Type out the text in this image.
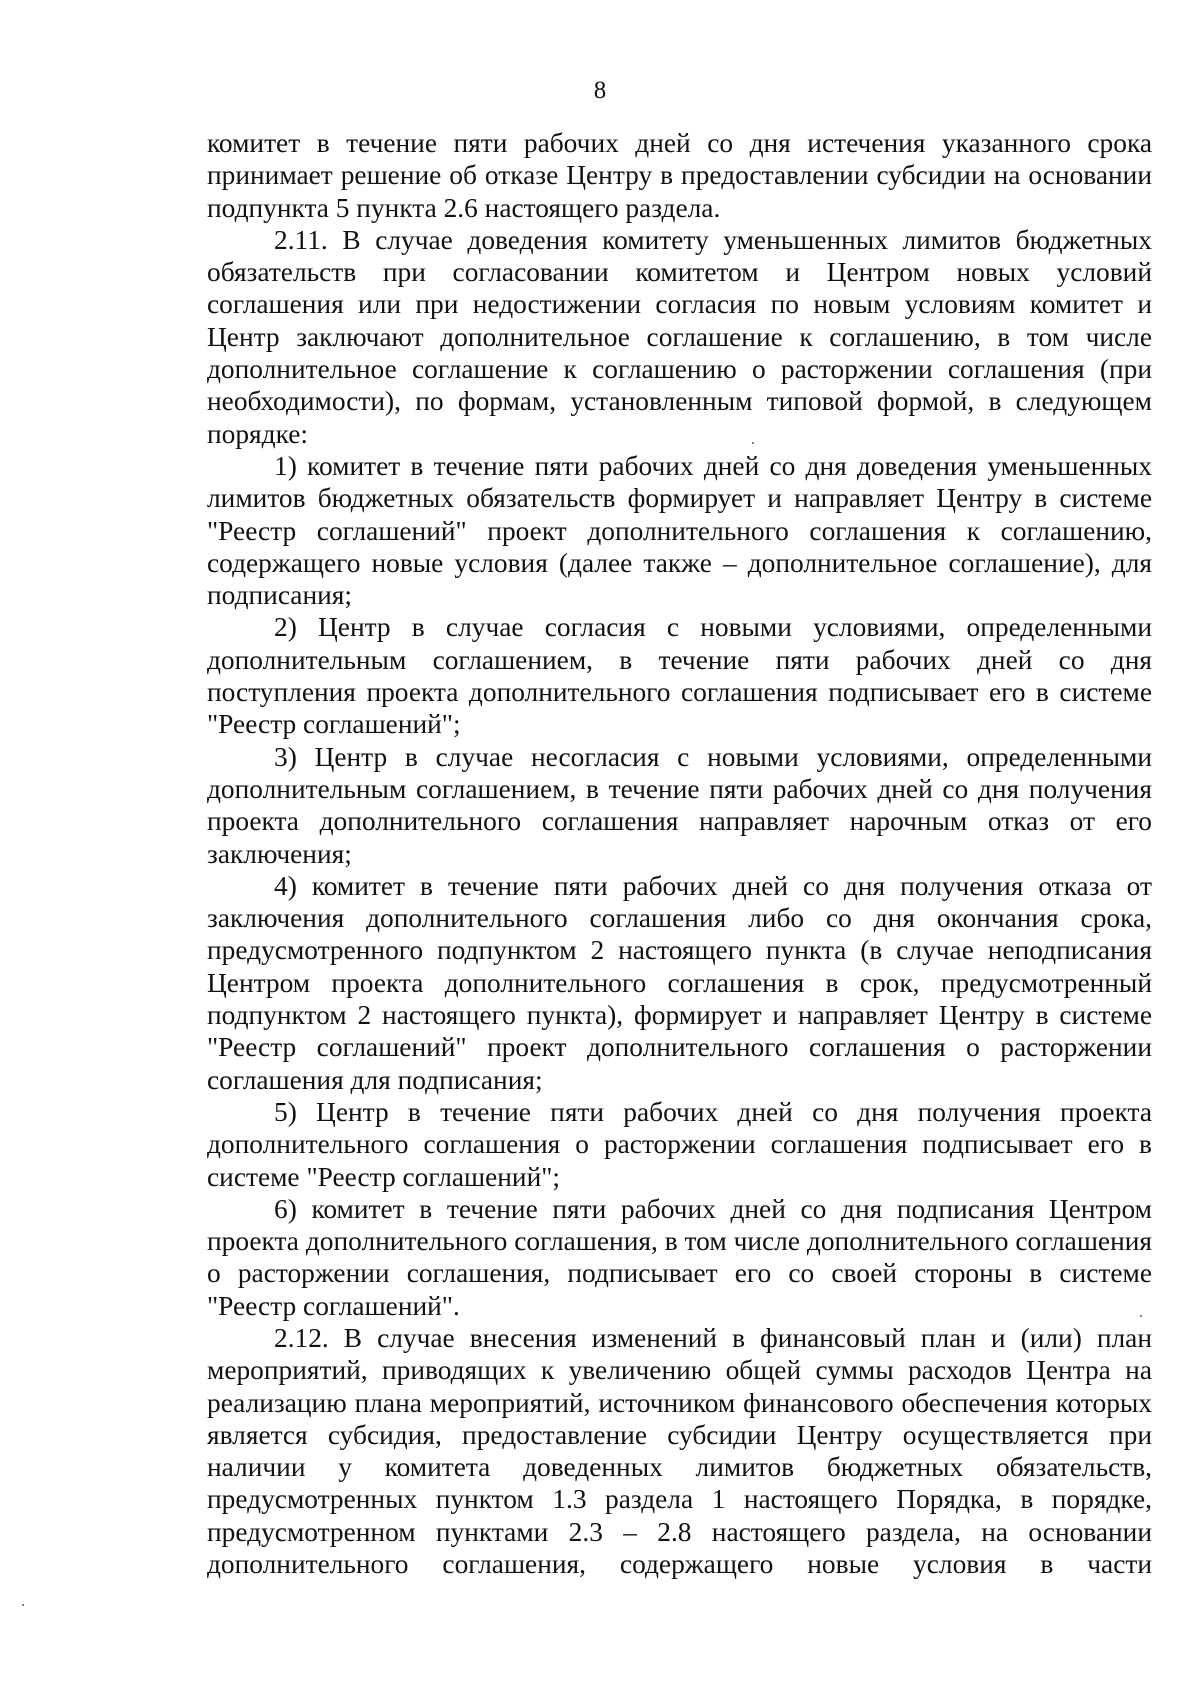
8

комитет в течение пяти рабочих дней со дня истечения указанного срока принимает решение об отказе Центру в предоставлении субсидии на основании подпункта 5 пункта 2.6 настоящего раздела.

2.11. В случае доведения комитету уменьшенных лимитов бюджетных обязательств при согласовании комитетом и Центром новых условий соглашения или при недостижении согласия по новым условиям комитет и Центр заключают дополнительное соглашение к соглашению, в том числе дополнительное соглашение к соглашению о расторжении соглашения (при необходимости), по формам, установленным типовой формой, в следующем порядке:

1) комитет в течение пяти рабочих дней со дня доведения уменьшенных лимитов бюджетных обязательств формирует и направляет Центру в системе "Реестр соглашений" проект дополнительного соглашения к соглашению, содержащего новые условия (далее также – дополнительное соглашение), для подписания;

2) Центр в случае согласия с новыми условиями, определенными дополнительным соглашением, в течение пяти рабочих дней со дня поступления проекта дополнительного соглашения подписывает его в системе "Реестр соглашений";

3) Центр в случае несогласия с новыми условиями, определенными дополнительным соглашением, в течение пяти рабочих дней со дня получения проекта дополнительного соглашения направляет нарочным отказ от его заключения;

4) комитет в течение пяти рабочих дней со дня получения отказа от заключения дополнительного соглашения либо со дня окончания срока, предусмотренного подпунктом 2 настоящего пункта (в случае неподписания Центром проекта дополнительного соглашения в срок, предусмотренный подпунктом 2 настоящего пункта), формирует и направляет Центру в системе "Реестр соглашений" проект дополнительного соглашения о расторжении соглашения для подписания;

5) Центр в течение пяти рабочих дней со дня получения проекта дополнительного соглашения о расторжении соглашения подписывает его в системе "Реестр соглашений";

6) комитет в течение пяти рабочих дней со дня подписания Центром проекта дополнительного соглашения, в том числе дополнительного соглашения о расторжении соглашения, подписывает его со своей стороны в системе "Реестр соглашений".

2.12. В случае внесения изменений в финансовый план и (или) план мероприятий, приводящих к увеличению общей суммы расходов Центра на реализацию плана мероприятий, источником финансового обеспечения которых является субсидия, предоставление субсидии Центру осуществляется при наличии у комитета доведенных лимитов бюджетных обязательств, предусмотренных пунктом 1.3 раздела 1 настоящего Порядка, в порядке, предусмотренном пунктами 2.3 – 2.8 настоящего раздела, на основании дополнительного соглашения, содержащего новые условия в части
